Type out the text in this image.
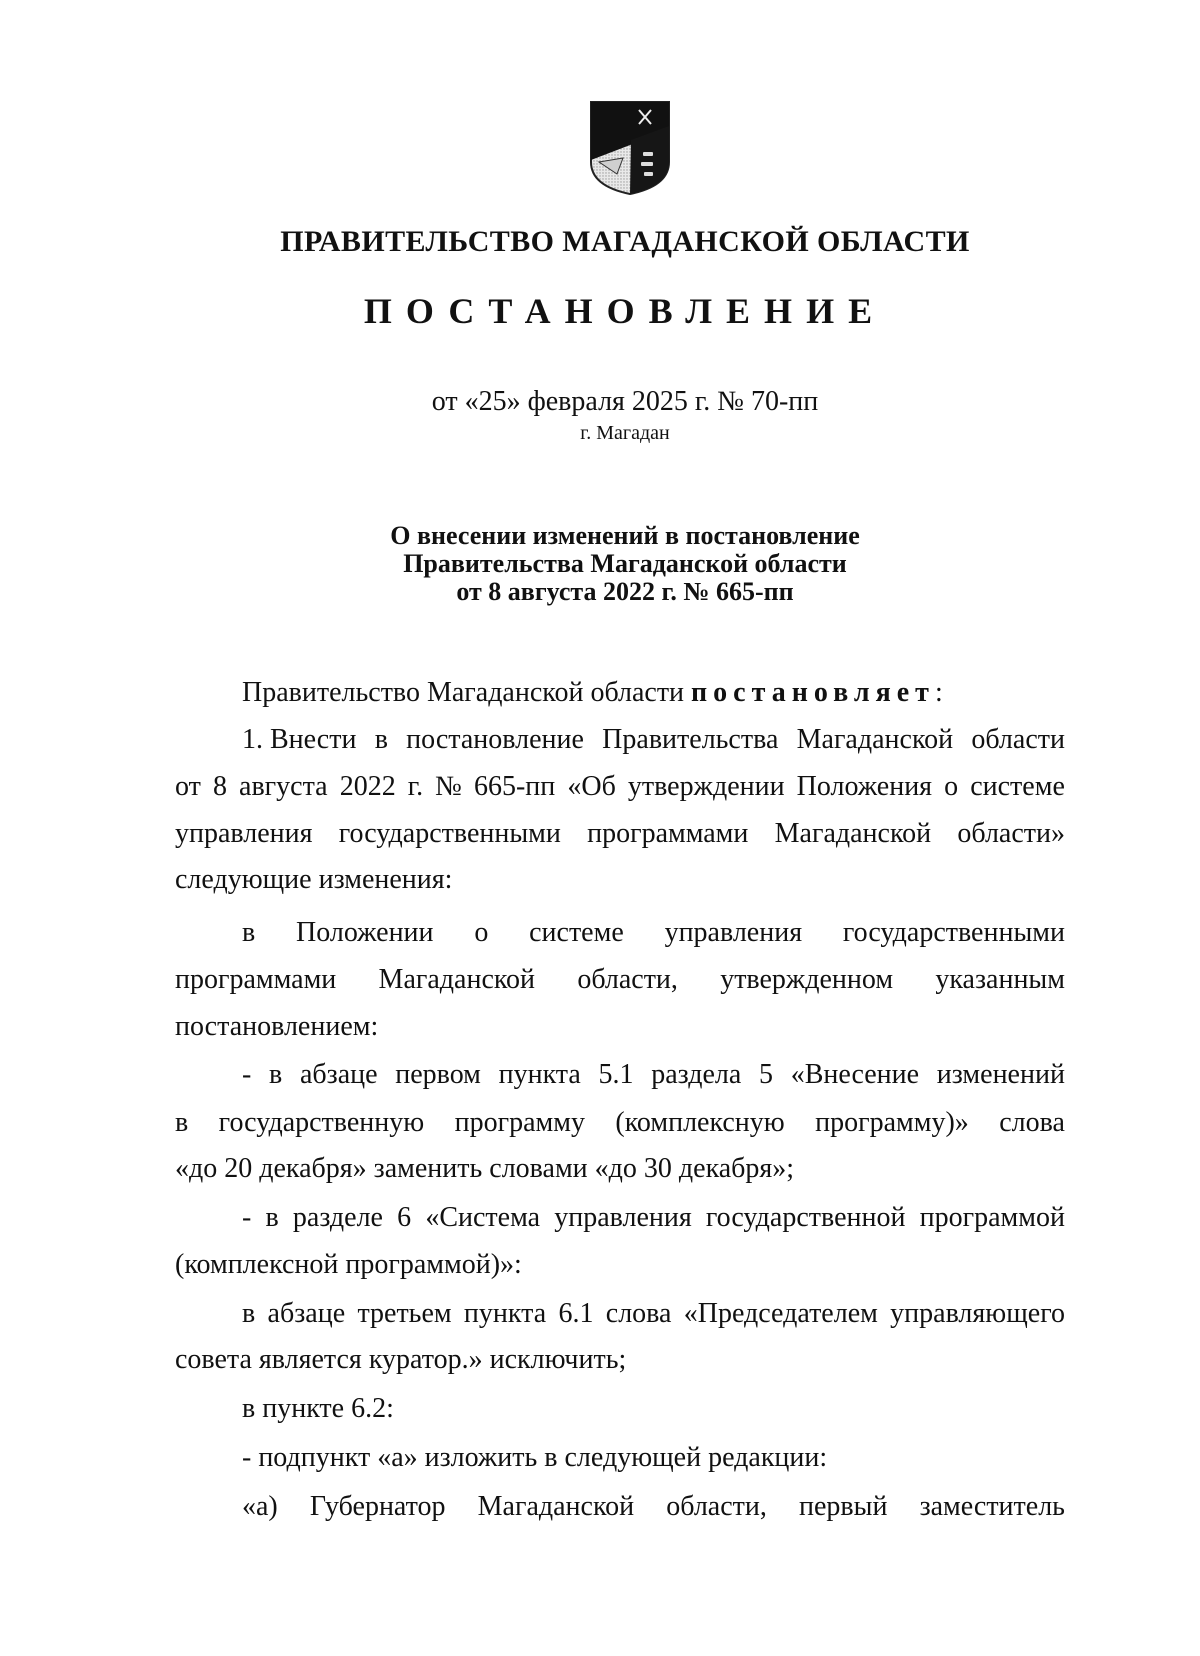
ПРАВИТЕЛЬСТВО МАГАДАНСКОЙ ОБЛАСТИ
ПОСТАНОВЛЕНИЕ
от «25» февраля 2025 г. № 70-пп
г. Магадан
О внесении изменений в постановление
Правительства Магаданской области
от 8 августа 2022 г. № 665-пп
Правительство Магаданской области постановляет:
1. Внести в постановление Правительства Магаданской области
от 8 августа 2022 г. № 665-пп «Об утверждении Положения о системе
управления государственными программами Магаданской области»
следующие изменения:
в Положении о системе управления государственными
программами Магаданской области, утвержденном указанным
постановлением:
- в абзаце первом пункта 5.1 раздела 5 «Внесение изменений
в государственную программу (комплексную программу)» слова
«до 20 декабря» заменить словами «до 30 декабря»;
- в разделе 6 «Система управления государственной программой
(комплексной программой)»:
в абзаце третьем пункта 6.1 слова «Председателем управляющего
совета является куратор.» исключить;
в пункте 6.2:
- подпункт «а» изложить в следующей редакции:
«а) Губернатор Магаданской области, первый заместитель
